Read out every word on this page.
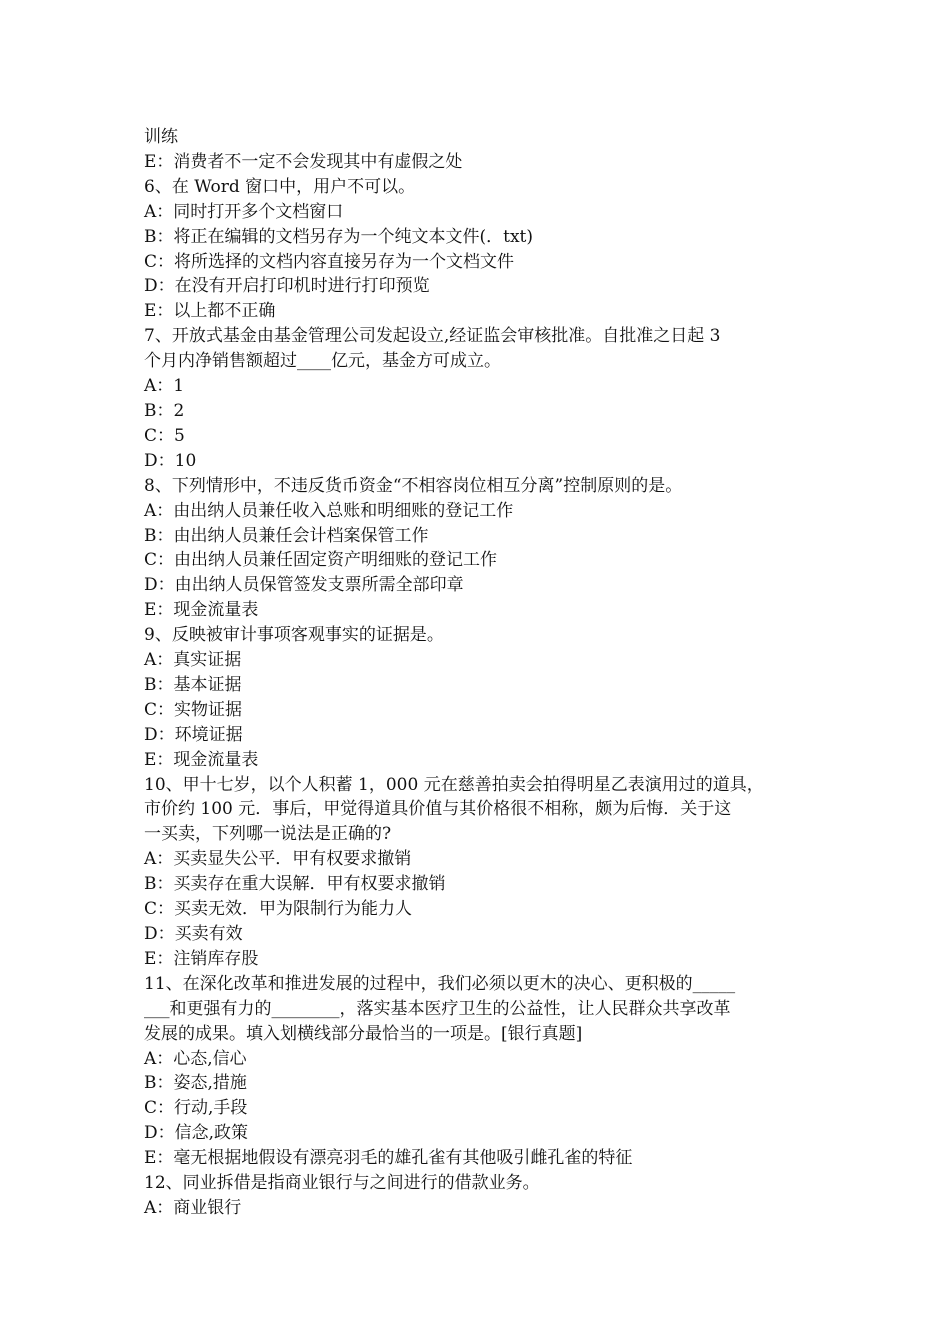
训练

E：消费者不一定不会发现其中有虚假之处

6、在 Word 窗口中，用户不可以。

A：同时打开多个文档窗口

B：将正在编辑的文档另存为一个纯文本文件(．txt)

C：将所选择的文档内容直接另存为一个文档文件

D：在没有开启打印机时进行打印预览

E：以上都不正确

7、开放式基金由基金管理公司发起设立,经证监会审核批准。自批准之日起 3

个月内净销售额超过____亿元，基金方可成立。

A：1

B：2

C：5

D：10

8、下列情形中，不违反货币资金“不相容岗位相互分离”控制原则的是。

A：由出纳人员兼任收入总账和明细账的登记工作

B：由出纳人员兼任会计档案保管工作

C：由出纳人员兼任固定资产明细账的登记工作

D：由出纳人员保管签发支票所需全部印章

E：现金流量表

9、反映被审计事项客观事实的证据是。

A：真实证据

B：基本证据

C：实物证据

D：环境证据

E：现金流量表

10、甲十七岁，以个人积蓄 1，000 元在慈善拍卖会拍得明星乙表演用过的道具，

市价约 100 元．事后，甲觉得道具价值与其价格很不相称，颇为后悔．关于这

一买卖，下列哪一说法是正确的?

A：买卖显失公平．甲有权要求撤销

B：买卖存在重大误解．甲有权要求撤销

C：买卖无效．甲为限制行为能力人

D：买卖有效

E：注销库存股

11、在深化改革和推进发展的过程中，我们必须以更木的决心、更积极的_____

___和更强有力的________，落实基本医疗卫生的公益性，让人民群众共享改革

发展的成果。填入划横线部分最恰当的一项是。[银行真题]

A：心态,信心

B：姿态,措施

C：行动,手段

D：信念,政策

E：毫无根据地假设有漂亮羽毛的雄孔雀有其他吸引雌孔雀的特征

12、同业拆借是指商业银行与之间进行的借款业务。

A：商业银行
